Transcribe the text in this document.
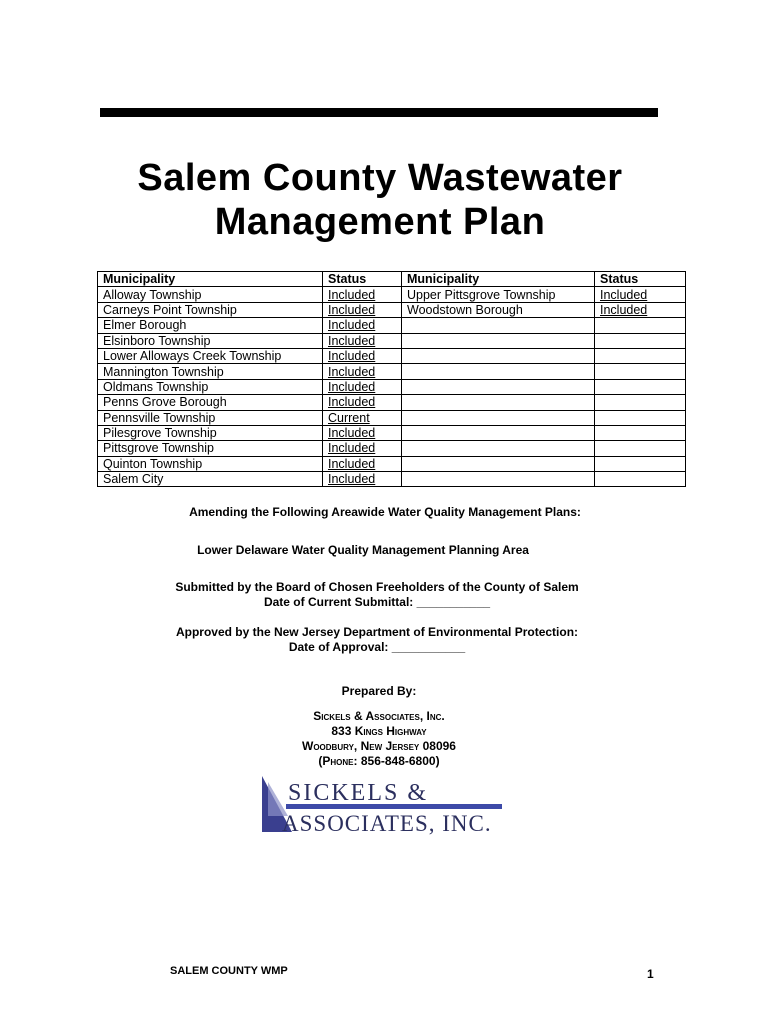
Salem County Wastewater
Management Plan
Municipality	Status	Municipality	Status
Alloway Township	Included	Upper Pittsgrove Township	Included
Carneys Point Township	Included	Woodstown Borough	Included
Elmer Borough	Included		
Elsinboro Township	Included		
Lower Alloways Creek Township	Included		
Mannington Township	Included		
Oldmans Township	Included		
Penns Grove Borough	Included		
Pennsville Township	Current		
Pilesgrove Township	Included		
Pittsgrove Township	Included		
Quinton Township	Included		
Salem City	Included		
Amending the Following Areawide Water Quality Management Plans:
Lower Delaware Water Quality Management Planning Area
Submitted by the Board of Chosen Freeholders of the County of Salem
Date of Current Submittal: ___________
Approved by the New Jersey Department of Environmental Protection:
Date of Approval: ___________
Prepared By:
Sickels & Associates, Inc.
833 Kings Highway
Woodbury, New Jersey 08096
(Phone: 856-848-6800)
SICKELS &
ASSOCIATES, INC.
SALEM COUNTY WMP	1
